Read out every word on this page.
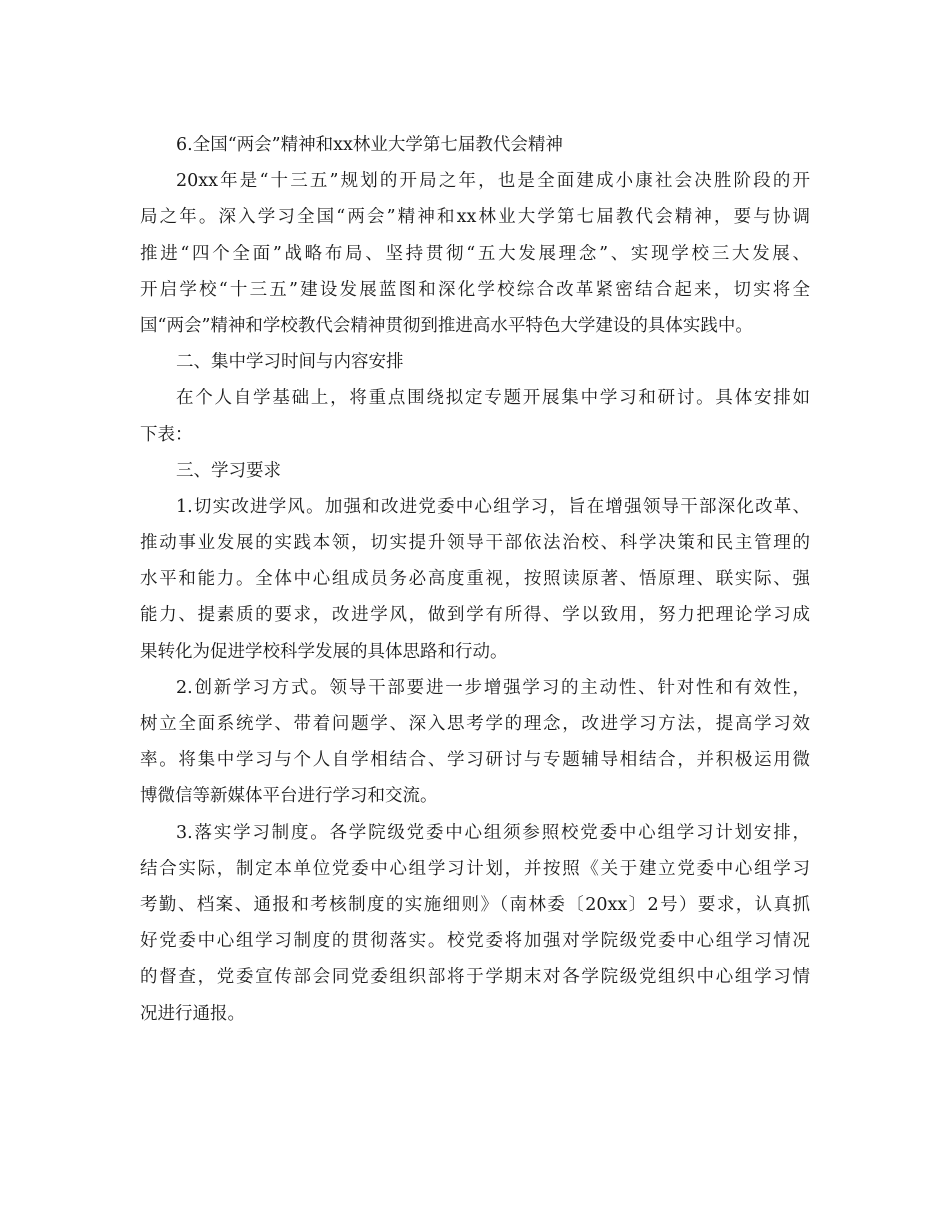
6.全国“两会”精神和xx林业大学第七届教代会精神
20xx年是“十三五”规划的开局之年，也是全面建成小康社会决胜阶段的开
局之年。深入学习全国“两会”精神和xx林业大学第七届教代会精神，要与协调
推进“四个全面”战略布局、坚持贯彻“五大发展理念”、实现学校三大发展、
开启学校“十三五”建设发展蓝图和深化学校综合改革紧密结合起来，切实将全
国“两会”精神和学校教代会精神贯彻到推进高水平特色大学建设的具体实践中。
二、集中学习时间与内容安排
在个人自学基础上，将重点围绕拟定专题开展集中学习和研讨。具体安排如
下表：
三、学习要求
1.切实改进学风。加强和改进党委中心组学习，旨在增强领导干部深化改革、
推动事业发展的实践本领，切实提升领导干部依法治校、科学决策和民主管理的
水平和能力。全体中心组成员务必高度重视，按照读原著、悟原理、联实际、强
能力、提素质的要求，改进学风，做到学有所得、学以致用，努力把理论学习成
果转化为促进学校科学发展的具体思路和行动。
2.创新学习方式。领导干部要进一步增强学习的主动性、针对性和有效性，
树立全面系统学、带着问题学、深入思考学的理念，改进学习方法，提高学习效
率。将集中学习与个人自学相结合、学习研讨与专题辅导相结合，并积极运用微
博微信等新媒体平台进行学习和交流。
3.落实学习制度。各学院级党委中心组须参照校党委中心组学习计划安排，
结合实际，制定本单位党委中心组学习计划，并按照《关于建立党委中心组学习
考勤、档案、通报和考核制度的实施细则》（南林委〔20xx〕2号）要求，认真抓
好党委中心组学习制度的贯彻落实。校党委将加强对学院级党委中心组学习情况
的督查，党委宣传部会同党委组织部将于学期末对各学院级党组织中心组学习情
况进行通报。
